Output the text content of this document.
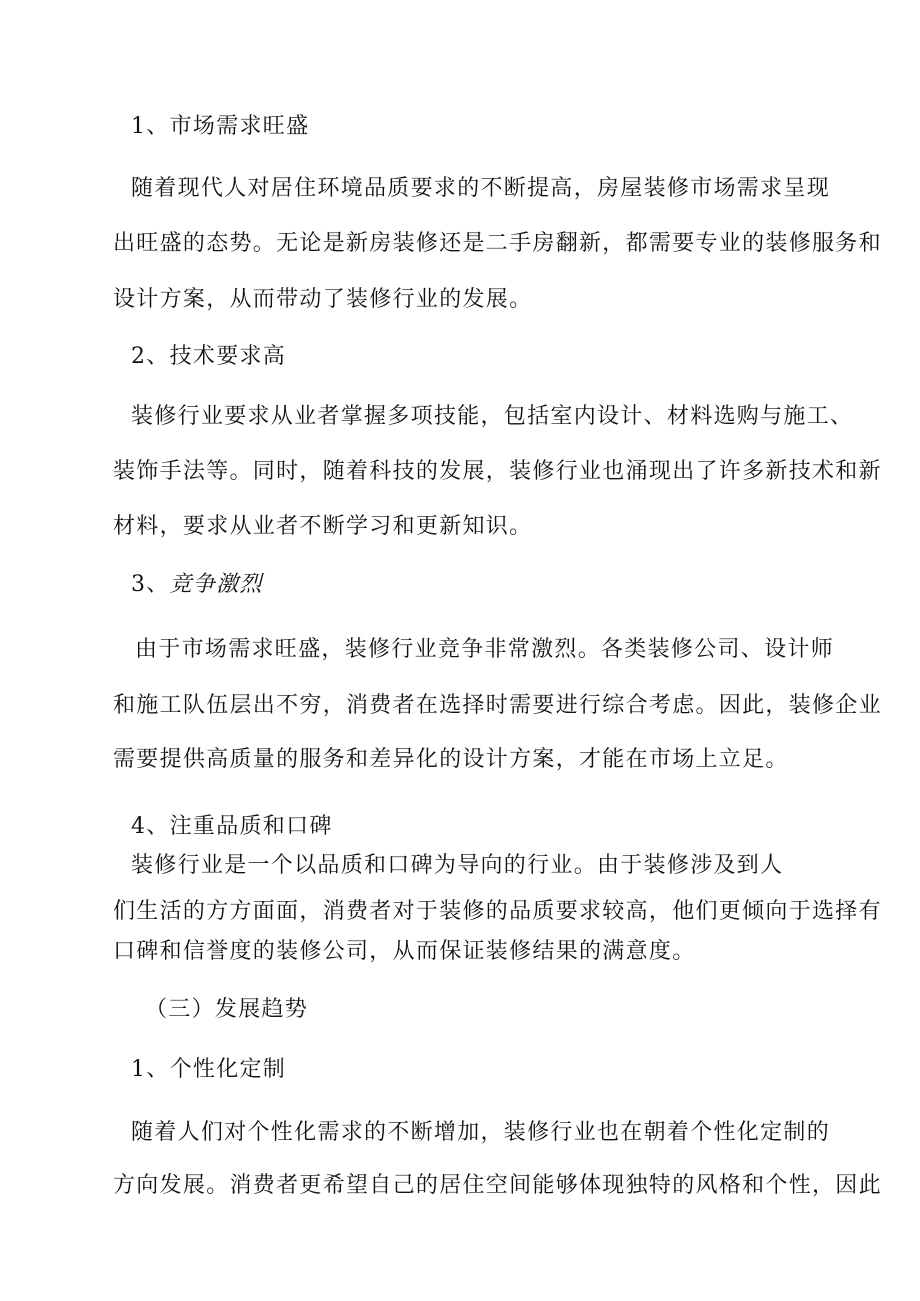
1、市场需求旺盛
随着现代人对居住环境品质要求的不断提高，房屋装修市场需求呈现
出旺盛的态势。无论是新房装修还是二手房翻新，都需要专业的装修服务和
设计方案，从而带动了装修行业的发展。
2、技术要求高
装修行业要求从业者掌握多项技能，包括室内设计、材料选购与施工、
装饰手法等。同时，随着科技的发展，装修行业也涌现出了许多新技术和新
材料，要求从业者不断学习和更新知识。
3、竞争激烈
由于市场需求旺盛，装修行业竞争非常激烈。各类装修公司、设计师
和施工队伍层出不穷，消费者在选择时需要进行综合考虑。因此，装修企业
需要提供高质量的服务和差异化的设计方案，才能在市场上立足。
4、注重品质和口碑
装修行业是一个以品质和口碑为导向的行业。由于装修涉及到人
们生活的方方面面，消费者对于装修的品质要求较高，他们更倾向于选择有
口碑和信誉度的装修公司，从而保证装修结果的满意度。
（三）发展趋势
1、个性化定制
随着人们对个性化需求的不断增加，装修行业也在朝着个性化定制的
方向发展。消费者更希望自己的居住空间能够体现独特的风格和个性，因此
